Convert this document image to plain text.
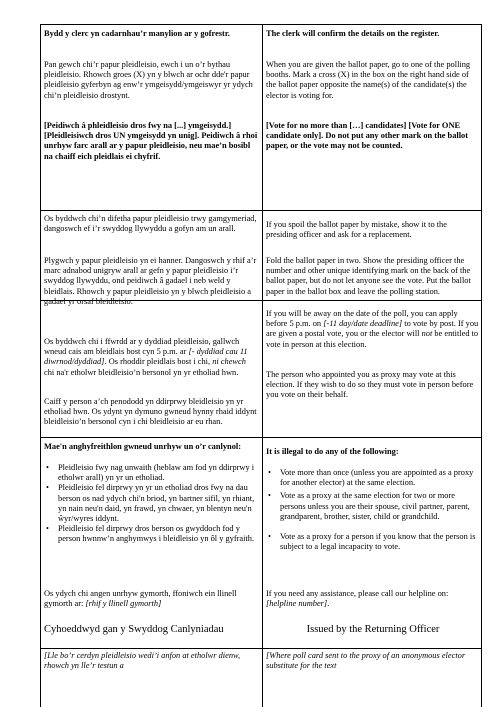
Bydd y clerc yn cadarnhau’r manylion ar y gofrestr.

Pan gewch chi’r papur pleidleisio, ewch i un o’r bythau pleidleisio. Rhowch groes (X) yn y blwch ar ochr dde'r papur pleidleisio gyferbyn ag enw’r ymgeisydd/ymgeiswyr yr ydych chi’n pleidleisio drostynt.

[Peidiwch â phleidleisio dros fwy na [...] ymgeisydd.] [Pleidleisiwch dros UN ymgeisydd yn unig]. Peidiwch â rhoi unrhyw farc arall ar y papur pleidleisio, neu mae’n bosibl na chaiff eich pleidlais ei chyfrif.

Os byddwch chi’n difetha papur pleidleisio trwy gamgymeriad, dangoswch ef i’r swyddog llywyddu a gofyn am un arall.

Plygwch y papur pleidleisio yn ei hanner. Dangoswch y rhif a’r marc adnabod unigryw arall ar gefn y papur pleidleisio i’r swyddog llywyddu, ond peidiwch â gadael i neb weld y bleidlais. Rhowch y papur pleidleisio yn y blwch pleidleisio a gadael yr orsaf bleidleisio.

Os byddwch chi i ffwrdd ar y dyddiad pleidleisio, gallwch wneud cais am bleidlais bost cyn 5 p.m. ar [- dyddiad cau 11 diwrnod/dyddiad]. Os rhoddir pleidlais bost i chi, ni chewch chi na'r etholwr bleidleisio’n bersonol yn yr etholiad hwn.

Caiff y person a’ch penododd yn ddirprwy bleidleisio yn yr etholiad hwn. Os ydynt yn dymuno gwneud hynny rhaid iddynt bleidleisio’n bersonol cyn i chi bleidleisio ar eu rhan.

Mae'n anghyfreithlon gwneud unrhyw un o’r canlynol:

• Pleidleisio fwy nag unwaith (heblaw am fod yn ddirprwy i etholwr arall) yn yr un etholiad.
• Pleidleisio fel dirprwy yn yr un etholiad dros fwy na dau berson os nad ydych chi'n briod, yn bartner sifil, yn rhiant, yn nain neu'n daid, yn frawd, yn chwaer, yn blentyn neu'n ŵyr/wyres iddynt.
• Pleidleisio fel dirprwy dros berson os gwyddoch fod y person hwnnw’n anghymwys i bleidleisio yn ôl y gyfraith.

Os ydych chi angen unrhyw gymorth, ffoniwch ein llinell gymorth ar: [rhif y llinell gymorth]

Cyhoeddwyd gan y Swyddog Canlyniadau

[Lle bo’r cerdyn pleidleisio wedi’i anfon at etholwr dienw, rhowch yn lle’r testun a

The clerk will confirm the details on the register.

When you are given the ballot paper, go to one of the polling booths. Mark a cross (X) in the box on the right hand side of the ballot paper opposite the name(s) of the candidate(s) the elector is voting for.

[Vote for no more than […] candidates] [Vote for ONE candidate only]. Do not put any other mark on the ballot paper, or the vote may not be counted.

If you spoil the ballot paper by mistake, show it to the presiding officer and ask for a replacement.

Fold the ballot paper in two. Show the presiding officer the number and other unique identifying mark on the back of the ballot paper, but do not let anyone see the vote. Put the ballot paper in the ballot box and leave the polling station.

If you will be away on the date of the poll, you can apply before 5 p.m. on [-11 day/date deadline] to vote by post. If you are given a postal vote, you or the elector will not be entitled to vote in person at this election.

The person who appointed you as proxy may vote at this election. If they wish to do so they must vote in person before you vote on their behalf.

It is illegal to do any of the following:

• Vote more than once (unless you are appointed as a proxy for another elector) at the same election.
• Vote as a proxy at the same election for two or more persons unless you are their spouse, civil partner, parent, grandparent, brother, sister, child or grandchild.
• Vote as a proxy for a person if you know that the person is subject to a legal incapacity to vote.

If you need any assistance, please call our helpline on: [helpline number].

Issued by the Returning Officer

[Where poll card sent to the proxy of an anonymous elector substitute for the text
